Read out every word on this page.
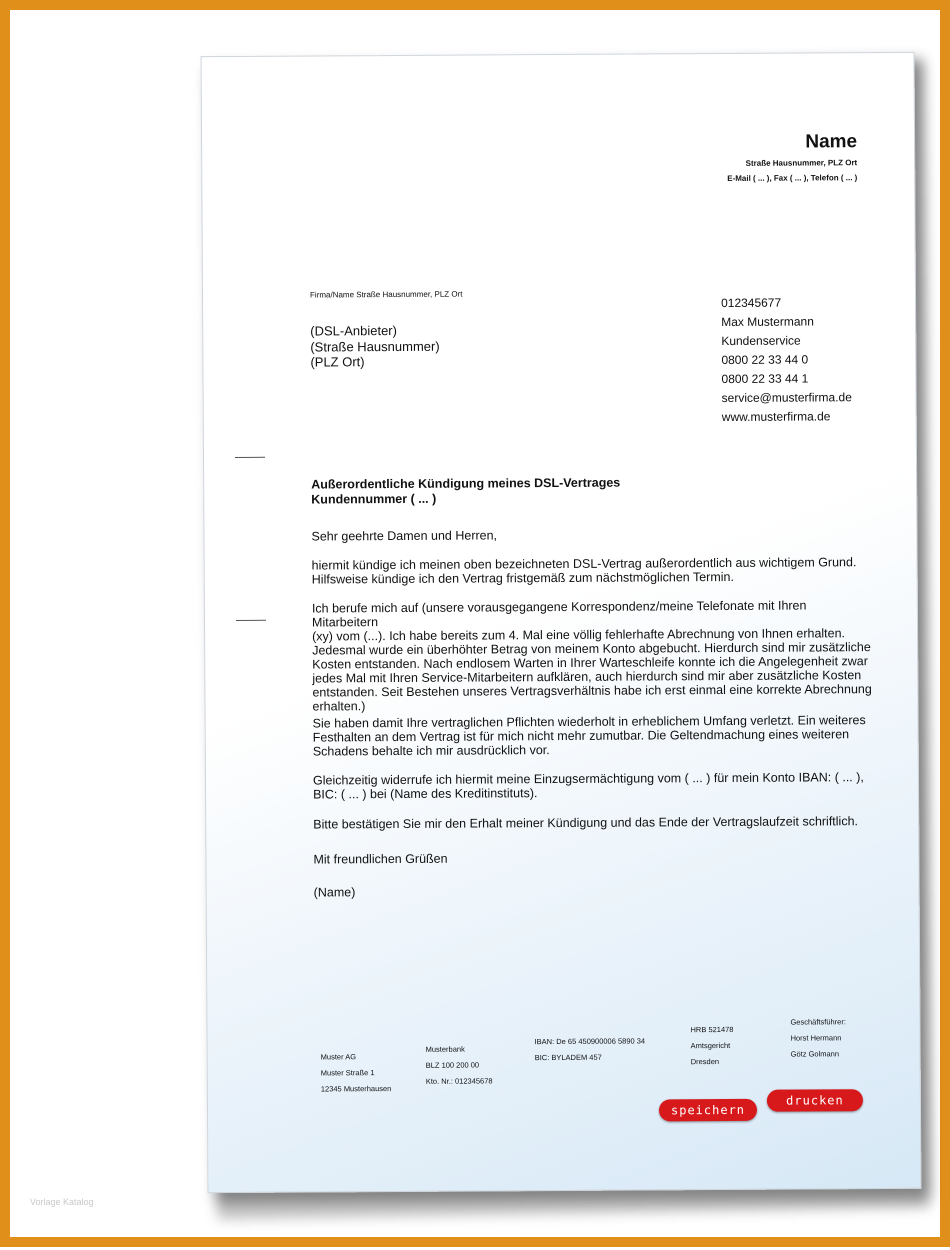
Vorlage Katalog
Name
Straße Hausnummer, PLZ Ort
E-Mail ( ... ), Fax ( ... ), Telefon ( ... )
Firma/Name Straße Hausnummer, PLZ Ort
(DSL-Anbieter)
(Straße Hausnummer)
(PLZ Ort)
012345677
Max Mustermann
Kundenservice
0800 22 33 44 0
0800 22 33 44 1
service@musterfirma.de
www.musterfirma.de
Außerordentliche Kündigung meines DSL-Vertrages
Kundennummer ( ... )
Sehr geehrte Damen und Herren,
hiermit kündige ich meinen oben bezeichneten DSL-Vertrag außerordentlich aus wichtigem Grund.
Hilfsweise kündige ich den Vertrag fristgemäß zum nächstmöglichen Termin.
Ich berufe mich auf (unsere vorausgegangene Korrespondenz/meine Telefonate mit Ihren Mitarbeitern
(xy) vom (...). Ich habe bereits zum 4. Mal eine völlig fehlerhafte Abrechnung von Ihnen erhalten.
Jedesmal wurde ein überhöhter Betrag von meinem Konto abgebucht. Hierdurch sind mir zusätzliche
Kosten entstanden. Nach endlosem Warten in Ihrer Warteschleife konnte ich die Angelegenheit zwar
jedes Mal mit Ihren Service-Mitarbeitern aufklären, auch hierdurch sind mir aber zusätzliche Kosten
entstanden. Seit Bestehen unseres Vertragsverhältnis habe ich erst einmal eine korrekte Abrechnung
erhalten.)
Sie haben damit Ihre vertraglichen Pflichten wiederholt in erheblichem Umfang verletzt. Ein weiteres
Festhalten an dem Vertrag ist für mich nicht mehr zumutbar. Die Geltendmachung eines weiteren
Schadens behalte ich mir ausdrücklich vor.
Gleichzeitig widerrufe ich hiermit meine Einzugsermächtigung vom ( ... ) für mein Konto IBAN: ( ... ),
BIC: ( ... ) bei (Name des Kreditinstituts).
Bitte bestätigen Sie mir den Erhalt meiner Kündigung und das Ende der Vertragslaufzeit schriftlich.
Mit freundlichen Grüßen
(Name)
Muster AG
Muster Straße 1
12345 Musterhausen
Musterbank
BLZ 100 200 00
Kto. Nr.: 012345678
IBAN: De 65 450900006 5890 34
BIC: BYLADEM 457
HRB 521478
Amtsgericht
Dresden
Geschäftsführer:
Horst Hermann
Götz Golmann
speichern
drucken
